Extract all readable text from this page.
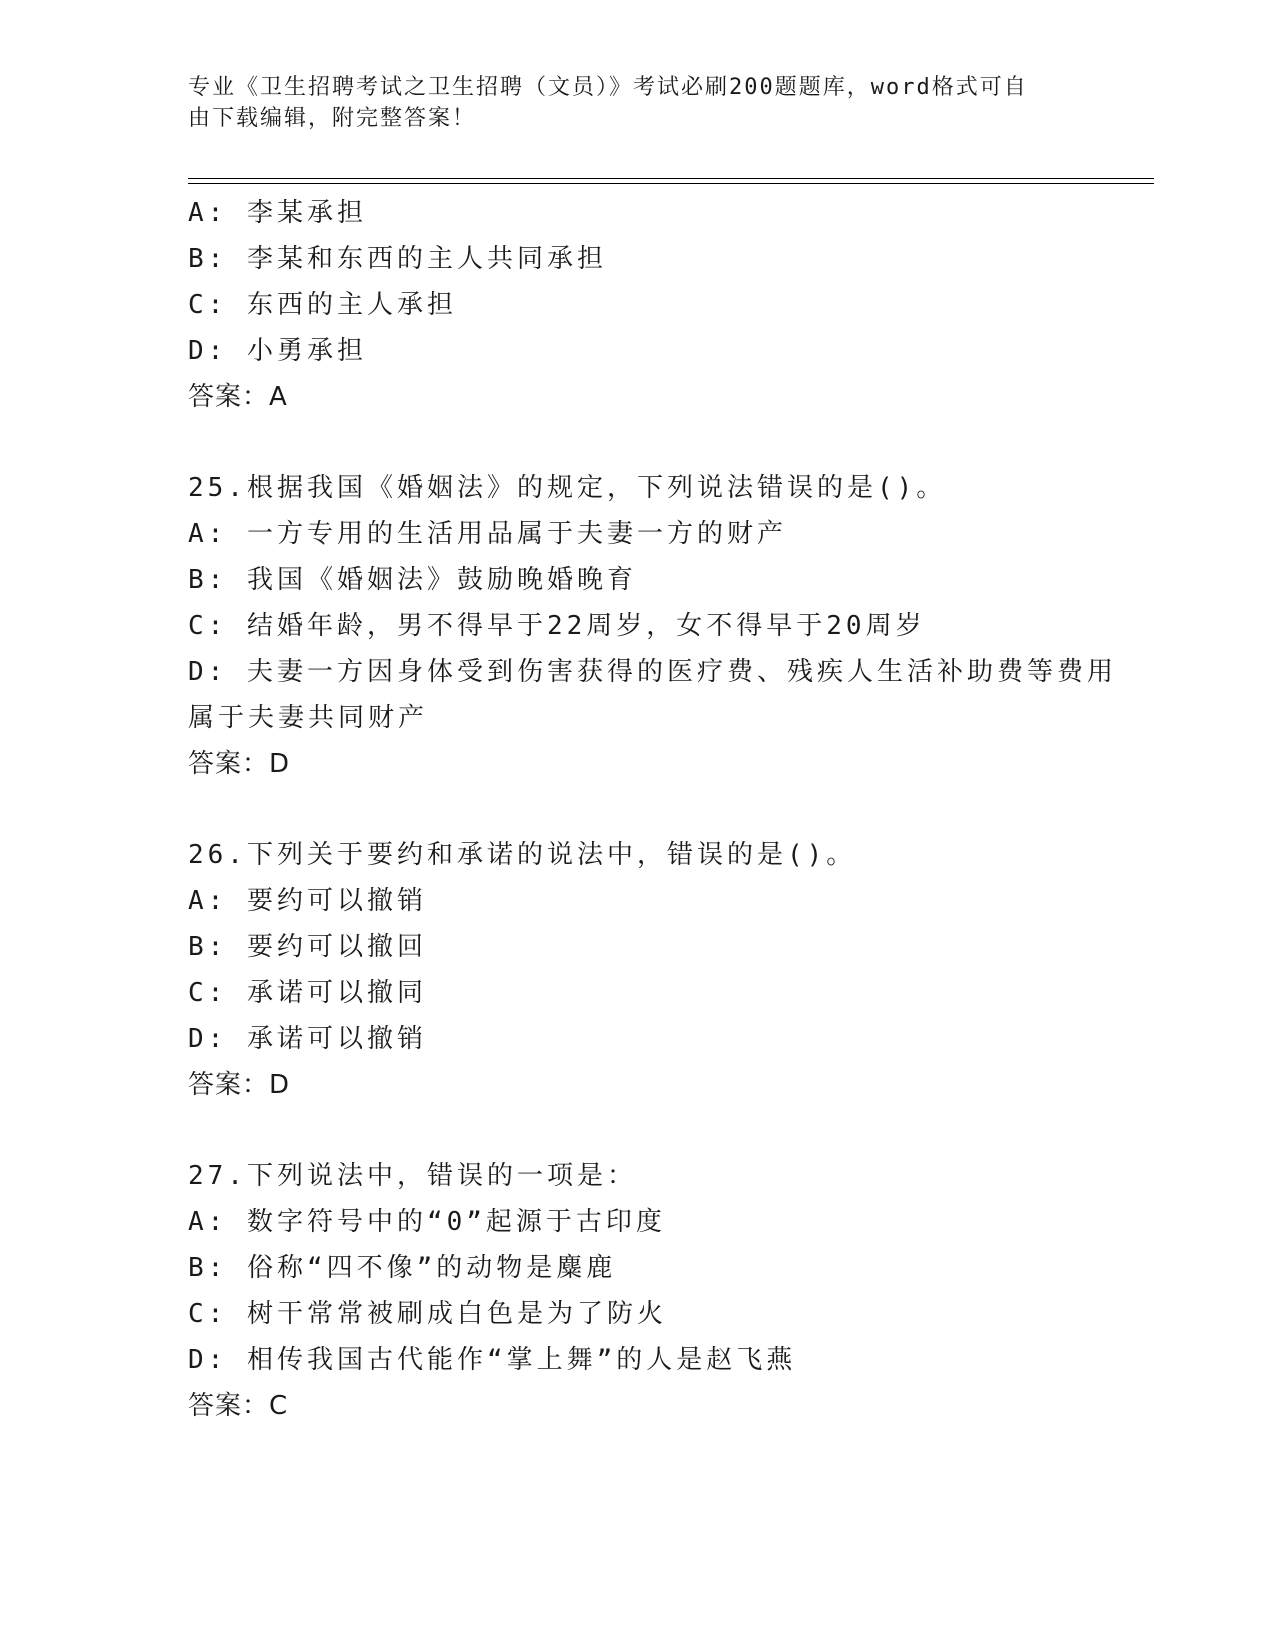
专业《卫生招聘考试之卫生招聘（文员）》考试必刷200题题库，word格式可自
由下载编辑，附完整答案！
A: 李某承担
B: 李某和东西的主人共同承担
C: 东西的主人承担
D: 小勇承担
答案：A
25.根据我国《婚姻法》的规定，下列说法错误的是()。
A: 一方专用的生活用品属于夫妻一方的财产
B: 我国《婚姻法》鼓励晚婚晚育
C: 结婚年龄，男不得早于22周岁，女不得早于20周岁
D: 夫妻一方因身体受到伤害获得的医疗费、残疾人生活补助费等费用
属于夫妻共同财产
答案：D
26.下列关于要约和承诺的说法中，错误的是()。
A: 要约可以撤销
B: 要约可以撤回
C: 承诺可以撤同
D: 承诺可以撤销
答案：D
27.下列说法中，错误的一项是：
A: 数字符号中的“0”起源于古印度
B: 俗称“四不像”的动物是麋鹿
C: 树干常常被刷成白色是为了防火
D: 相传我国古代能作“掌上舞”的人是赵飞燕
答案：C
